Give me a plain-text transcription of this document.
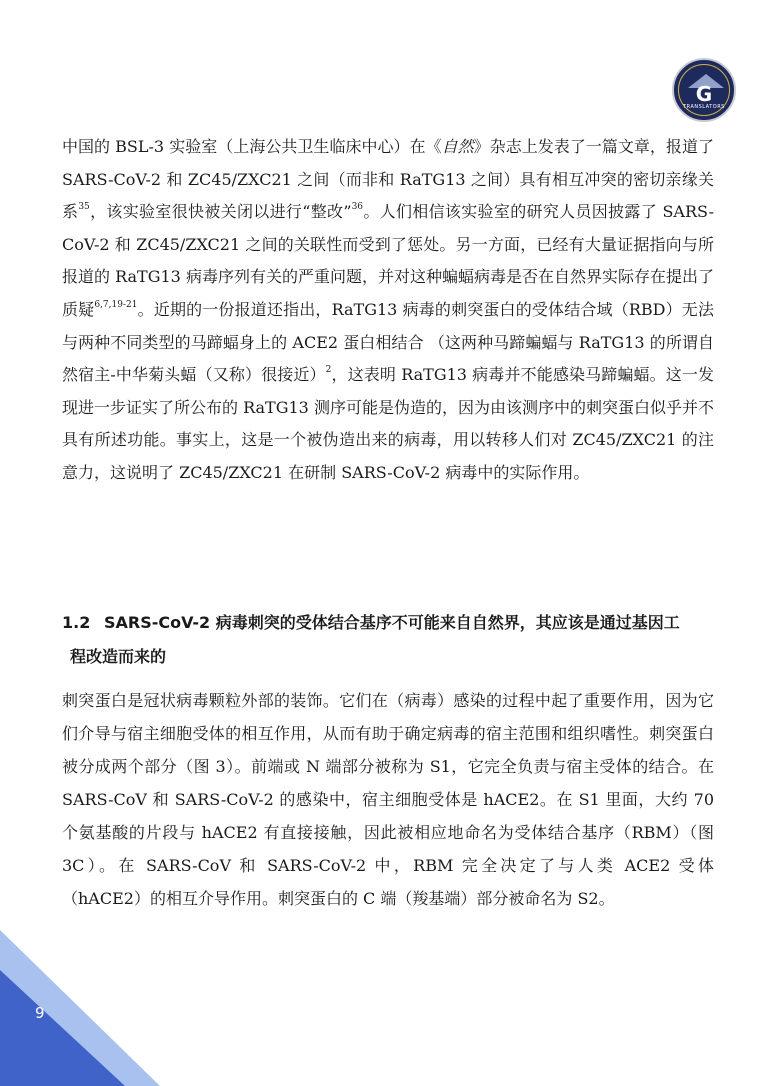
G
TRANSLATORS

中国的 BSL-3 实验室（上海公共卫生临床中心）在《自然》杂志上发表了一篇文章，报道了 SARS-CoV-2 和 ZC45/ZXC21 之间（而非和 RaTG13 之间）具有相互冲突的密切亲缘关系$^{35}$，该实验室很快被关闭以进行“整改”$^{36}$。人们相信该实验室的研究人员因披露了 SARS-CoV-2 和 ZC45/ZXC21 之间的关联性而受到了惩处。另一方面，已经有大量证据指向与所报道的 RaTG13 病毒序列有关的严重问题，并对这种蝙蝠病毒是否在自然界实际存在提出了质疑$^{6,7,19-21}$。近期的一份报道还指出，RaTG13 病毒的刺突蛋白的受体结合域（RBD）无法与两种不同类型的马蹄蝠身上的 ACE2 蛋白相结合 （这两种马蹄蝙蝠与 RaTG13 的所谓自然宿主-中华菊头蝠（又称）很接近）$^2$，这表明 RaTG13 病毒并不能感染马蹄蝙蝠。这一发现进一步证实了所公布的 RaTG13 测序可能是伪造的，因为由该测序中的刺突蛋白似乎并不具有所述功能。事实上，这是一个被伪造出来的病毒，用以转移人们对 ZC45/ZXC21 的注意力，这说明了 ZC45/ZXC21 在研制 SARS-CoV-2 病毒中的实际作用。

1.2 SARS-CoV-2 病毒刺突的受体结合基序不可能来自自然界，其应该是通过基因工
程改造而来的

刺突蛋白是冠状病毒颗粒外部的装饰。它们在（病毒）感染的过程中起了重要作用，因为它们介导与宿主细胞受体的相互作用，从而有助于确定病毒的宿主范围和组织嗜性。刺突蛋白被分成两个部分（图 3）。前端或 N 端部分被称为 S1，它完全负责与宿主受体的结合。在 SARS-CoV 和 SARS-CoV-2 的感染中，宿主细胞受体是 hACE2。在 S1 里面，大约 70 个氨基酸的片段与 hACE2 有直接接触，因此被相应地命名为受体结合基序（RBM）（图 3C）。在 SARS-CoV 和 SARS-CoV-2 中，RBM 完全决定了与人类 ACE2 受体（hACE2）的相互介导作用。刺突蛋白的 C 端（羧基端）部分被命名为 S2。

9
